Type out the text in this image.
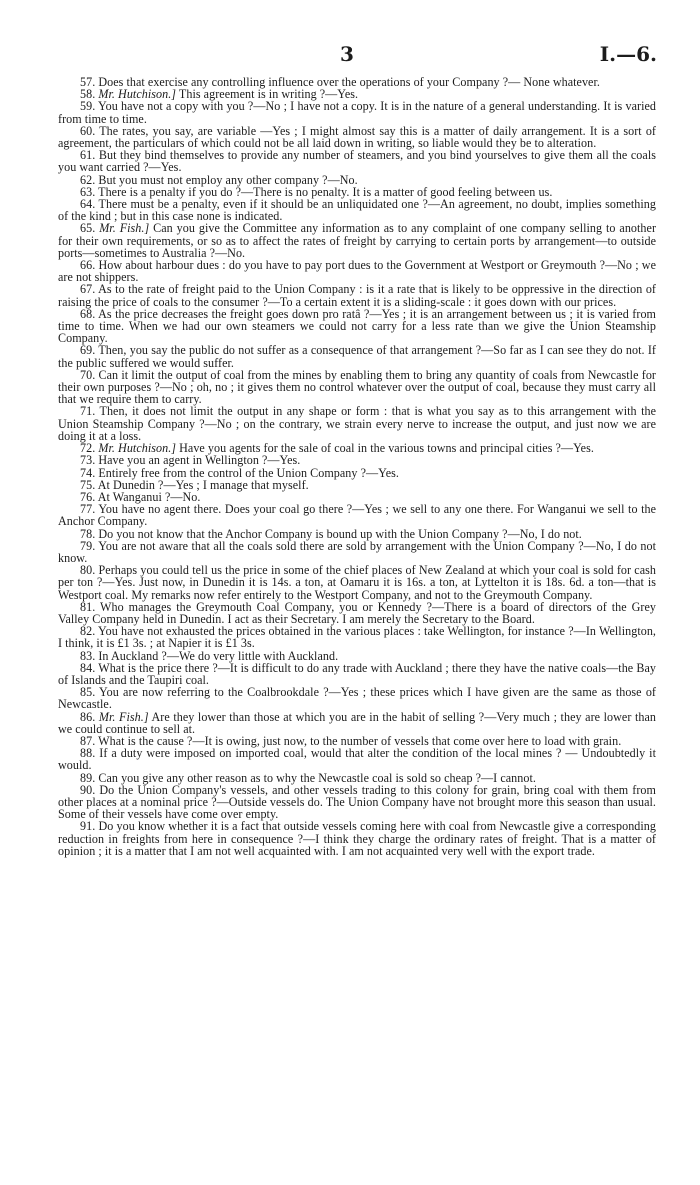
3	I.—6.

57. Does that exercise any controlling influence over the operations of your Company ?— None whatever.

58. Mr. Hutchison.] This agreement is in writing ?—Yes.

59. You have not a copy with you ?—No ; I have not a copy. It is in the nature of a general understanding. It is varied from time to time.

60. The rates, you say, are variable —Yes ; I might almost say this is a matter of daily arrangement. It is a sort of agreement, the particulars of which could not be all laid down in writing, so liable would they be to alteration.

61. But they bind themselves to provide any number of steamers, and you bind yourselves to give them all the coals you want carried ?—Yes.

62. But you must not employ any other company ?—No.

63. There is a penalty if you do ?—There is no penalty. It is a matter of good feeling between us.

64. There must be a penalty, even if it should be an unliquidated one ?—An agreement, no doubt, implies something of the kind ; but in this case none is indicated.

65. Mr. Fish.] Can you give the Committee any information as to any complaint of one company selling to another for their own requirements, or so as to affect the rates of freight by carrying to certain ports by arrangement—to outside ports—sometimes to Australia ?—No.

66. How about harbour dues : do you have to pay port dues to the Government at Westport or Greymouth ?—No ; we are not shippers.

67. As to the rate of freight paid to the Union Company : is it a rate that is likely to be oppressive in the direction of raising the price of coals to the consumer ?—To a certain extent it is a sliding-scale : it goes down with our prices.

68. As the price decreases the freight goes down pro ratâ ?—Yes ; it is an arrangement between us ; it is varied from time to time. When we had our own steamers we could not carry for a less rate than we give the Union Steamship Company.

69. Then, you say the public do not suffer as a consequence of that arrangement ?—So far as I can see they do not. If the public suffered we would suffer.

70. Can it limit the output of coal from the mines by enabling them to bring any quantity of coals from Newcastle for their own purposes ?—No ; oh, no ; it gives them no control whatever over the output of coal, because they must carry all that we require them to carry.

71. Then, it does not limit the output in any shape or form : that is what you say as to this arrangement with the Union Steamship Company ?—No ; on the contrary, we strain every nerve to increase the output, and just now we are doing it at a loss.

72. Mr. Hutchison.] Have you agents for the sale of coal in the various towns and principal cities ?—Yes.

73. Have you an agent in Wellington ?—Yes.

74. Entirely free from the control of the Union Company ?—Yes.

75. At Dunedin ?—Yes ; I manage that myself.

76. At Wanganui ?—No.

77. You have no agent there. Does your coal go there ?—Yes ; we sell to any one there. For Wanganui we sell to the Anchor Company.

78. Do you not know that the Anchor Company is bound up with the Union Company ?—No, I do not.

79. You are not aware that all the coals sold there are sold by arrangement with the Union Company ?—No, I do not know.

80. Perhaps you could tell us the price in some of the chief places of New Zealand at which your coal is sold for cash per ton ?—Yes. Just now, in Dunedin it is 14s. a ton, at Oamaru it is 16s. a ton, at Lyttelton it is 18s. 6d. a ton—that is Westport coal. My remarks now refer entirely to the Westport Company, and not to the Greymouth Company.

81. Who manages the Greymouth Coal Company, you or Kennedy ?—There is a board of directors of the Grey Valley Company held in Dunedin. I act as their Secretary. I am merely the Secretary to the Board.

82. You have not exhausted the prices obtained in the various places : take Wellington, for instance ?—In Wellington, I think, it is £1 3s. ; at Napier it is £1 3s.

83. In Auckland ?—We do very little with Auckland.

84. What is the price there ?—It is difficult to do any trade with Auckland ; there they have the native coals—the Bay of Islands and the Taupiri coal.

85. You are now referring to the Coalbrookdale ?—Yes ; these prices which I have given are the same as those of Newcastle.

86. Mr. Fish.] Are they lower than those at which you are in the habit of selling ?—Very much ; they are lower than we could continue to sell at.

87. What is the cause ?—It is owing, just now, to the number of vessels that come over here to load with grain.

88. If a duty were imposed on imported coal, would that alter the condition of the local mines ? — Undoubtedly it would.

89. Can you give any other reason as to why the Newcastle coal is sold so cheap ?—I cannot.

90. Do the Union Company's vessels, and other vessels trading to this colony for grain, bring coal with them from other places at a nominal price ?—Outside vessels do. The Union Company have not brought more this season than usual. Some of their vessels have come over empty.

91. Do you know whether it is a fact that outside vessels coming here with coal from Newcastle give a corresponding reduction in freights from here in consequence ?—I think they charge the ordinary rates of freight. That is a matter of opinion ; it is a matter that I am not well acquainted with. I am not acquainted very well with the export trade.
